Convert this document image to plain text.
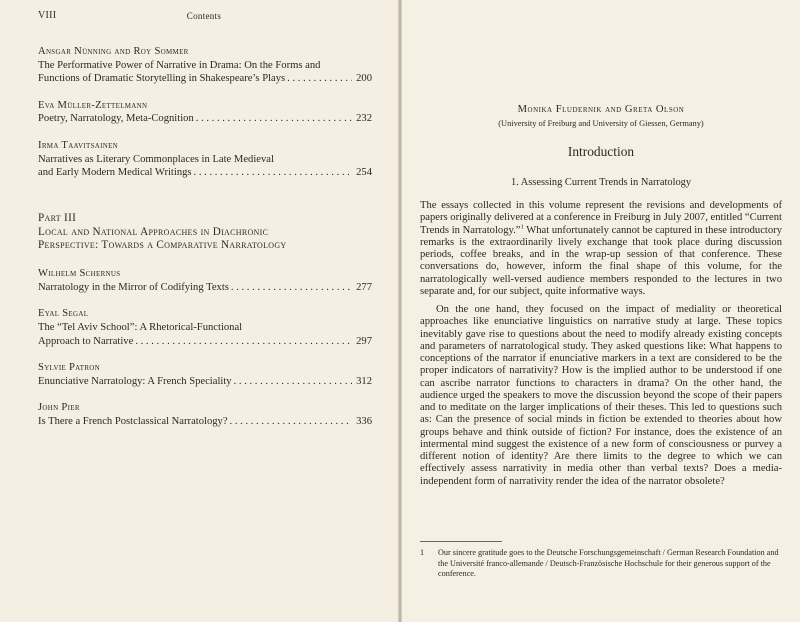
VIII	Contents
Ansgar Nünning and Roy Sommer
The Performative Power of Narrative in Drama: On the Forms and
Functions of Dramatic Storytelling in Shakespeare’s Plays . . .	200
Eva Müller-Zettelmann
Poetry, Narratology, Meta-Cognition . . .	232
Irma Taavitsainen
Narratives as Literary Commonplaces in Late Medieval
and Early Modern Medical Writings . . .	254
Part III
Local and National Approaches in Diachronic
Perspective: Towards a Comparative Narratology
Wilhelm Schernus
Narratology in the Mirror of Codifying Texts . . .	277
Eyal Segal
The “Tel Aviv School”: A Rhetorical-Functional
Approach to Narrative . . .	297
Sylvie Patron
Enunciative Narratology: A French Speciality . . .	312
John Pier
Is There a French Postclassical Narratology? . . .	336
Monika Fludernik and Greta Olson
(University of Freiburg and University of Giessen, Germany)
Introduction
1. Assessing Current Trends in Narratology

The essays collected in this volume represent the revisions and developments of papers originally delivered at a conference in Freiburg in July 2007, entitled “Current Trends in Narratology.”$^1$ What unfortunately cannot be captured in these introductory remarks is the extraordinarily lively exchange that took place during discussion periods, coffee breaks, and in the wrap-up session of that conference. These conversations do, however, inform the final shape of this volume, for the narratologically well-versed audience members responded to the lectures in two separate and, for our subject, quite informative ways.

On the one hand, they focused on the impact of mediality or theoretical approaches like enunciative linguistics on narrative study at large. These topics inevitably gave rise to questions about the need to modify already existing concepts and parameters of narratological study. They asked questions like: What happens to conceptions of the narrator if enunciative markers in a text are considered to be the proper indicators of narrativity? How is the implied author to be understood if one can ascribe narrator functions to characters in drama? On the other hand, the audience urged the speakers to move the discussion beyond the scope of their papers and to meditate on the larger implications of their theses. This led to questions such as: Can the presence of social minds in fiction be extended to theories about how groups behave and think outside of fiction? For instance, does the existence of an intermental mind suggest the existence of a new form of consciousness or purvey a different notion of identity? Are there limits to the degree to which we can effectively assess narrativity in media other than verbal texts? Does a media-independent form of narrativity render the idea of the narrator obsolete?

1	Our sincere gratitude goes to the Deutsche Forschungsgemeinschaft / German Research Foundation and the Université franco-allemande / Deutsch-Französische Hochschule for their generous support of the conference.
